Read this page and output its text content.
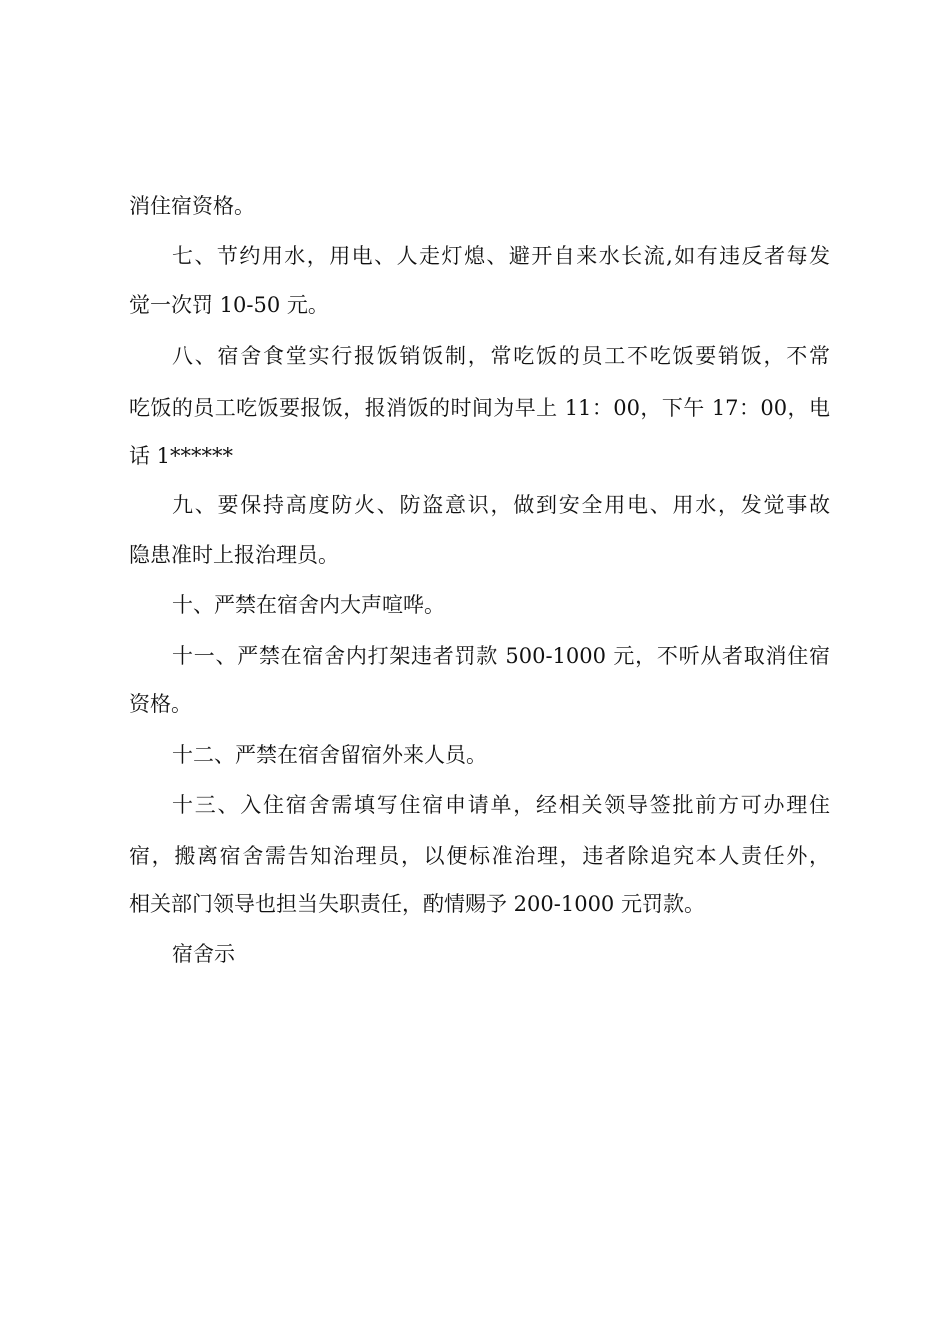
消住宿资格。
七、节约用水，用电、人走灯熄、避开自来水长流,如有违反者每发
觉一次罚 10-50 元。
八、宿舍食堂实行报饭销饭制，常吃饭的员工不吃饭要销饭，不常
吃饭的员工吃饭要报饭，报消饭的时间为早上 11：00，下午 17：00，电
话 1******
九、要保持高度防火、防盗意识，做到安全用电、用水，发觉事故
隐患准时上报治理员。
十、严禁在宿舍内大声喧哗。
十一、严禁在宿舍内打架违者罚款 500-1000 元，不听从者取消住宿
资格。
十二、严禁在宿舍留宿外来人员。
十三、入住宿舍需填写住宿申请单，经相关领导签批前方可办理住
宿，搬离宿舍需告知治理员，以便标准治理，违者除追究本人责任外，
相关部门领导也担当失职责任，酌情赐予 200-1000 元罚款。
宿舍示
